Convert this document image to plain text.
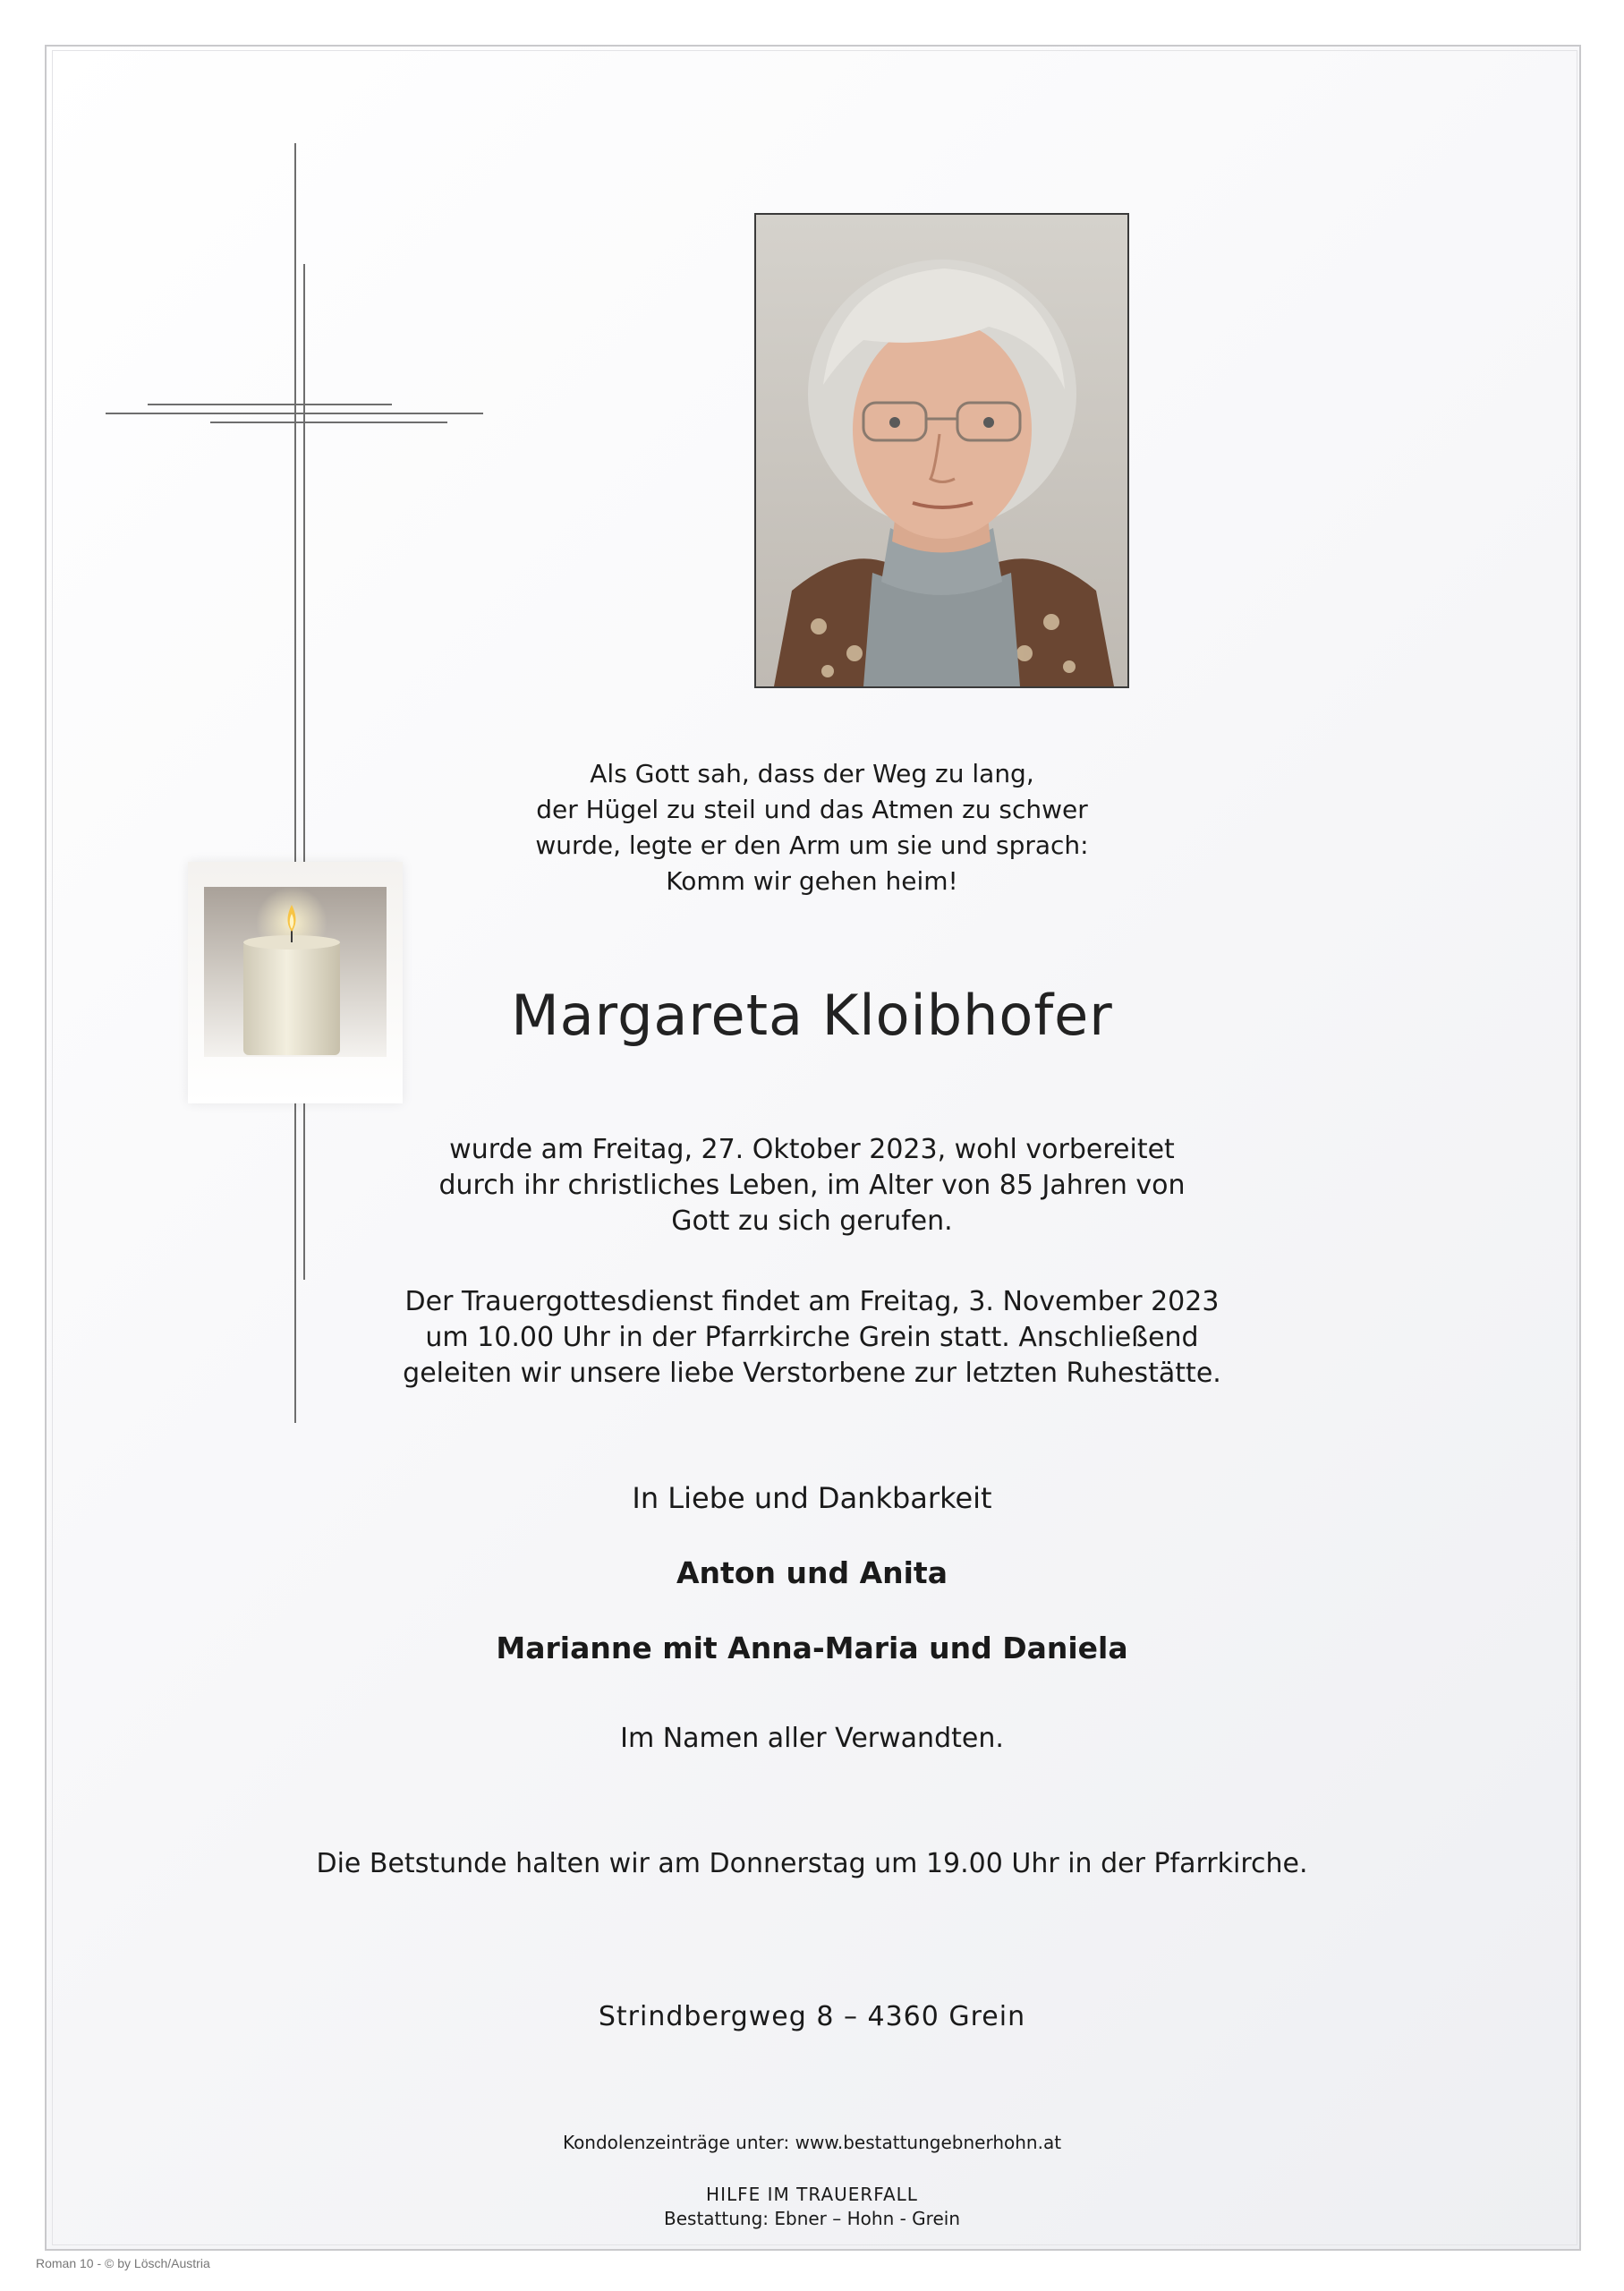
Als Gott sah, dass der Weg zu lang,
der Hügel zu steil und das Atmen zu schwer
wurde, legte er den Arm um sie und sprach:
Komm wir gehen heim!
Margareta Kloibhofer
wurde am Freitag, 27. Oktober 2023, wohl vorbereitet
durch ihr christliches Leben, im Alter von 85 Jahren von
Gott zu sich gerufen.
Der Trauergottesdienst findet am Freitag, 3. November 2023
um 10.00 Uhr in der Pfarrkirche Grein statt. Anschließend
geleiten wir unsere liebe Verstorbene zur letzten Ruhestätte.
In Liebe und Dankbarkeit
Anton und Anita
Marianne mit Anna-Maria und Daniela
Im Namen aller Verwandten.
Die Betstunde halten wir am Donnerstag um 19.00 Uhr in der Pfarrkirche.
Strindbergweg 8 – 4360 Grein
Kondolenzeinträge unter: www.bestattungebnerhohn.at
HILFE IM TRAUERFALL
Bestattung: Ebner – Hohn - Grein
Roman 10 - © by Lösch/Austria
